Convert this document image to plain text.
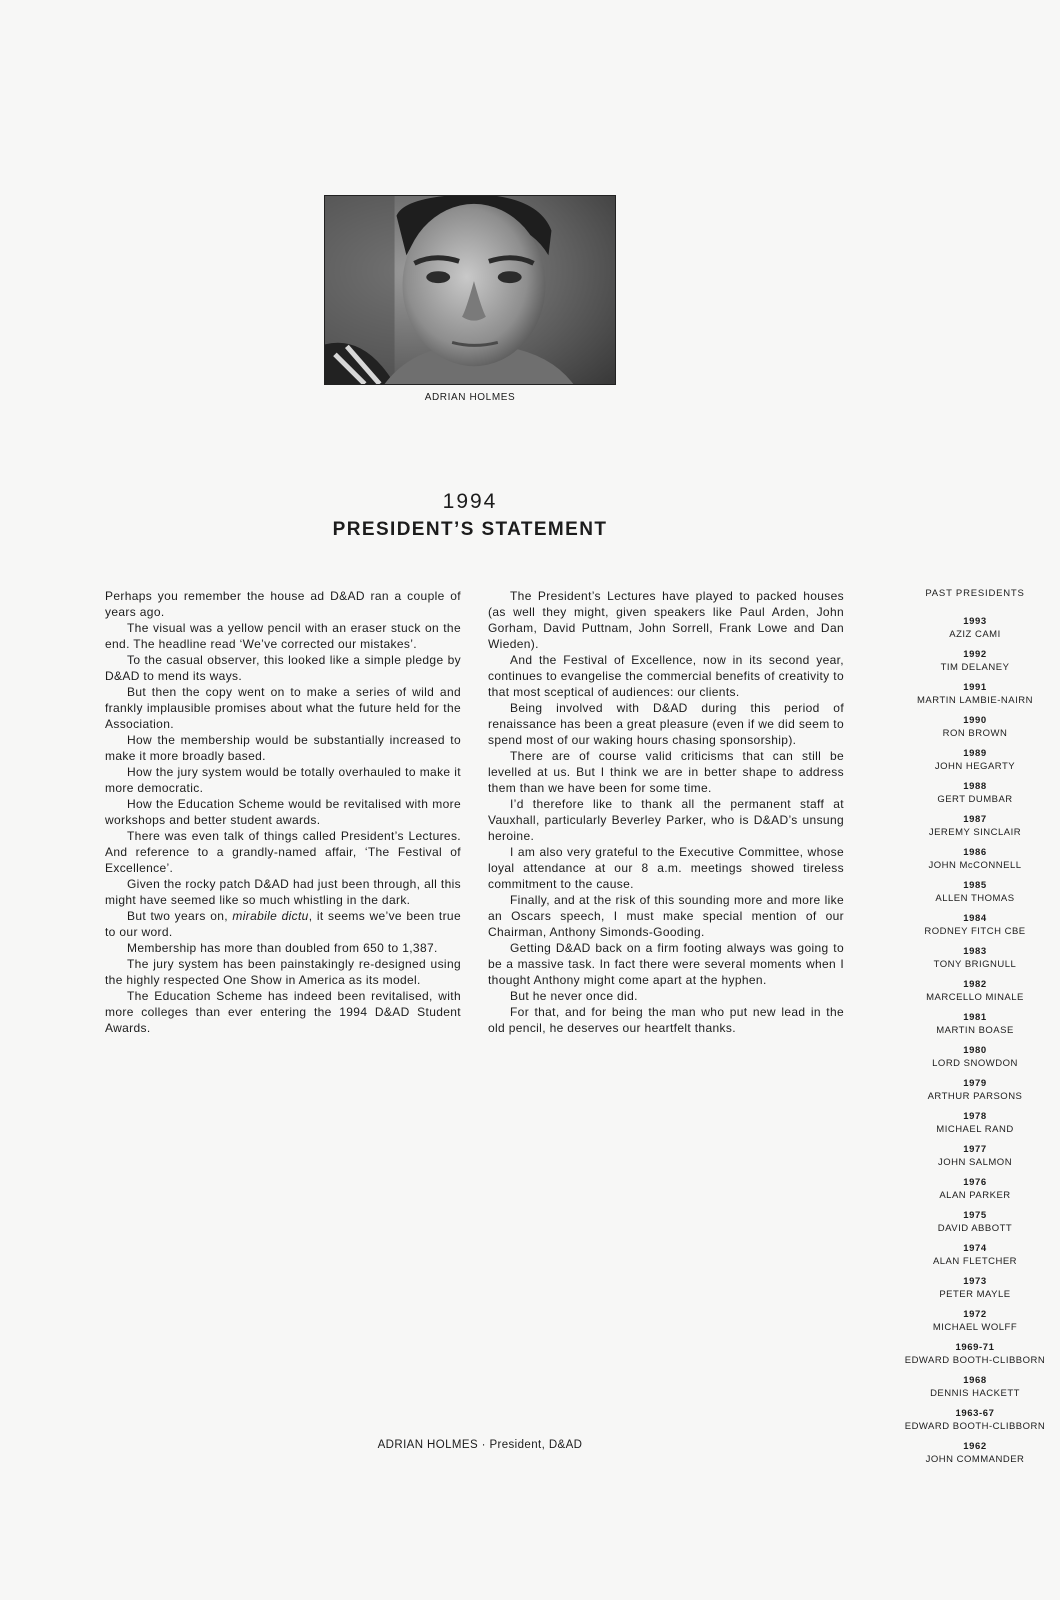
ADRIAN HOLMES
1994
PRESIDENT’S STATEMENT

Perhaps you remember the house ad D&AD ran a couple of years ago.

The visual was a yellow pencil with an eraser stuck on the end. The headline read ‘We’ve corrected our mistakes’.

To the casual observer, this looked like a simple pledge by D&AD to mend its ways.

But then the copy went on to make a series of wild and frankly implausible promises about what the future held for the Association.

How the membership would be substantially increased to make it more broadly based.

How the jury system would be totally overhauled to make it more democratic.

How the Education Scheme would be revitalised with more workshops and better student awards.

There was even talk of things called President’s Lectures. And reference to a grandly-named affair, ‘The Festival of Excellence’.

Given the rocky patch D&AD had just been through, all this might have seemed like so much whistling in the dark.

But two years on, mirabile dictu, it seems we’ve been true to our word.

Membership has more than doubled from 650 to 1,387.

The jury system has been painstakingly re-designed using the highly respected One Show in America as its model.

The Education Scheme has indeed been revitalised, with more colleges than ever entering the 1994 D&AD Student Awards.

The President’s Lectures have played to packed houses (as well they might, given speakers like Paul Arden, John Gorham, David Puttnam, John Sorrell, Frank Lowe and Dan Wieden).

And the Festival of Excellence, now in its second year, continues to evangelise the commercial benefits of creativity to that most sceptical of audiences: our clients.

Being involved with D&AD during this period of renaissance has been a great pleasure (even if we did seem to spend most of our waking hours chasing sponsorship).

There are of course valid criticisms that can still be levelled at us. But I think we are in better shape to address them than we have been for some time.

I’d therefore like to thank all the permanent staff at Vauxhall, particularly Beverley Parker, who is D&AD’s unsung heroine.

I am also very grateful to the Executive Committee, whose loyal attendance at our 8 a.m. meetings showed tireless commitment to the cause.

Finally, and at the risk of this sounding more and more like an Oscars speech, I must make special mention of our Chairman, Anthony Simonds-Gooding.

Getting D&AD back on a firm footing always was going to be a massive task. In fact there were several moments when I thought Anthony might come apart at the hyphen.

But he never once did.

For that, and for being the man who put new lead in the old pencil, he deserves our heartfelt thanks.

ADRIAN HOLMES · President, D&AD
PAST PRESIDENTS
1993
AZIZ CAMI
1992
TIM DELANEY
1991
MARTIN LAMBIE-NAIRN
1990
RON BROWN
1989
JOHN HEGARTY
1988
GERT DUMBAR
1987
JEREMY SINCLAIR
1986
JOHN McCONNELL
1985
ALLEN THOMAS
1984
RODNEY FITCH CBE
1983
TONY BRIGNULL
1982
MARCELLO MINALE
1981
MARTIN BOASE
1980
LORD SNOWDON
1979
ARTHUR PARSONS
1978
MICHAEL RAND
1977
JOHN SALMON
1976
ALAN PARKER
1975
DAVID ABBOTT
1974
ALAN FLETCHER
1973
PETER MAYLE
1972
MICHAEL WOLFF
1969-71
EDWARD BOOTH-CLIBBORN
1968
DENNIS HACKETT
1963-67
EDWARD BOOTH-CLIBBORN
1962
JOHN COMMANDER
